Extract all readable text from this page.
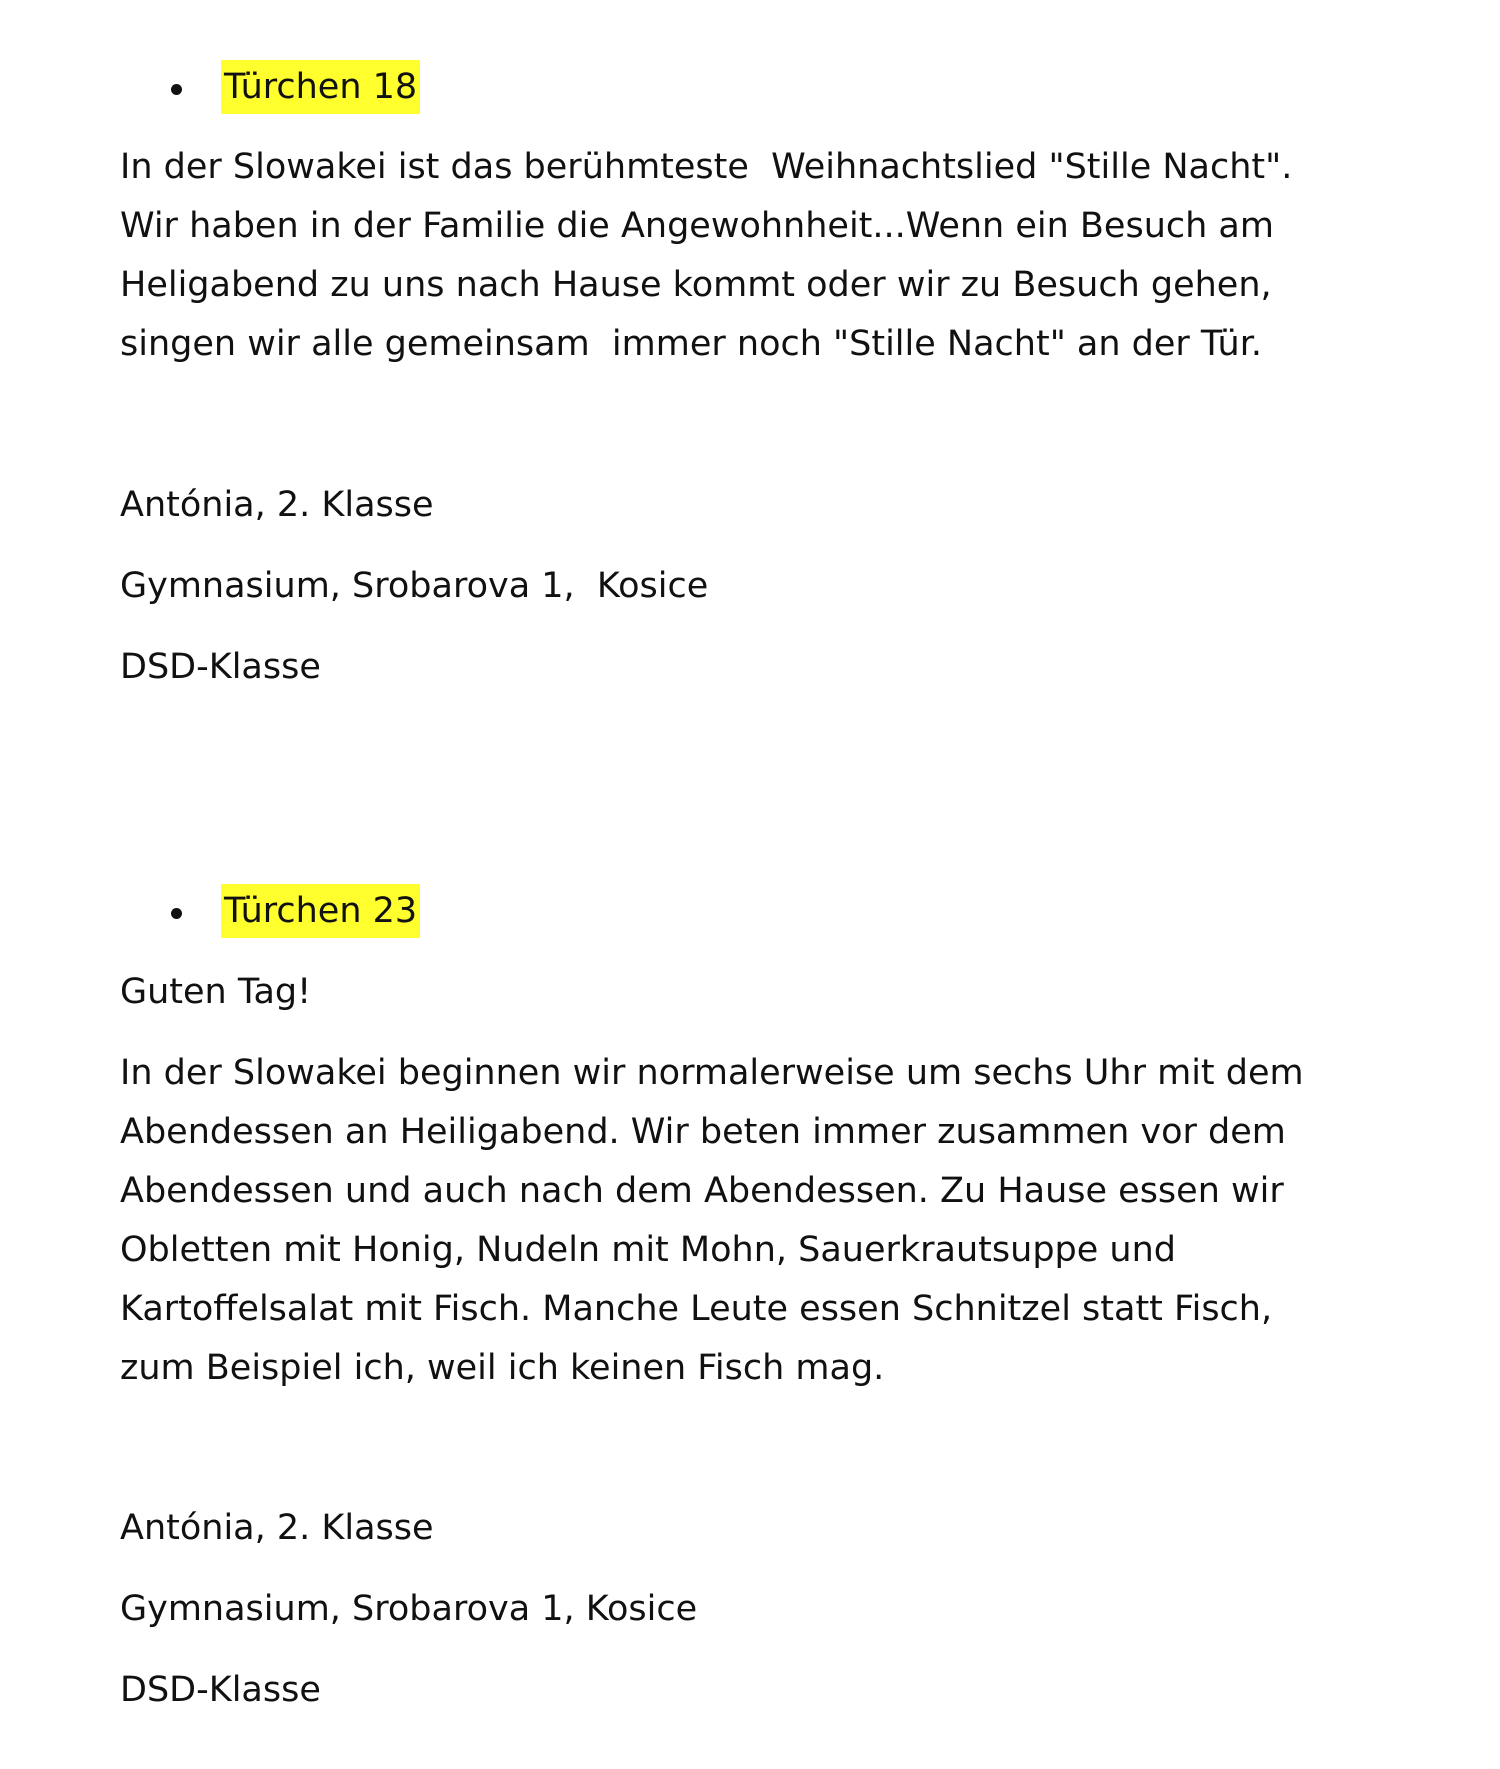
Türchen 18

In der Slowakei ist das berühmteste  Weihnachtslied "Stille Nacht".
Wir haben in der Familie die Angewohnheit...Wenn ein Besuch am
Heligabend zu uns nach Hause kommt oder wir zu Besuch gehen,
singen wir alle gemeinsam  immer noch "Stille Nacht" an der Tür.

Antónia, 2. Klasse

Gymnasium, Srobarova 1,  Kosice

DSD-Klasse

Türchen 23

Guten Tag!

In der Slowakei beginnen wir normalerweise um sechs Uhr mit dem
Abendessen an Heiligabend. Wir beten immer zusammen vor dem
Abendessen und auch nach dem Abendessen. Zu Hause essen wir
Obletten mit Honig, Nudeln mit Mohn, Sauerkrautsuppe und
Kartoffelsalat mit Fisch. Manche Leute essen Schnitzel statt Fisch,
zum Beispiel ich, weil ich keinen Fisch mag.

Antónia, 2. Klasse

Gymnasium, Srobarova 1, Kosice

DSD-Klasse
